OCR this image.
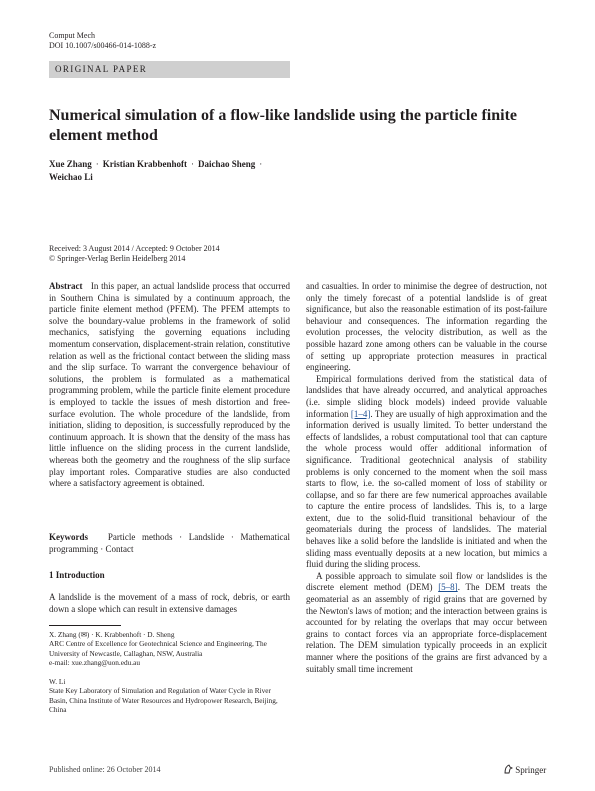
Comput Mech
DOI 10.1007/s00466-014-1088-z
ORIGINAL PAPER
Numerical simulation of a flow-like landslide using the particle finite element method
Xue Zhang · Kristian Krabbenhoft · Daichao Sheng ·
Weichao Li
Received: 3 August 2014 / Accepted: 9 October 2014
© Springer-Verlag Berlin Heidelberg 2014

Abstract In this paper, an actual landslide process that occurred in Southern China is simulated by a continuum approach, the particle finite element method (PFEM). The PFEM attempts to solve the boundary-value problems in the framework of solid mechanics, satisfying the governing equations including momentum conservation, displacement-strain relation, constitutive relation as well as the frictional contact between the sliding mass and the slip surface. To warrant the convergence behaviour of solutions, the problem is formulated as a mathematical programming problem, while the particle finite element procedure is employed to tackle the issues of mesh distortion and free-surface evolution. The whole procedure of the landslide, from initiation, sliding to deposition, is successfully reproduced by the continuum approach. It is shown that the density of the mass has little influence on the sliding process in the current landslide, whereas both the geometry and the roughness of the slip surface play important roles. Comparative studies are also conducted where a satisfactory agreement is obtained.

Keywords Particle methods · Landslide · Mathematical programming · Contact

1 Introduction

A landslide is the movement of a mass of rock, debris, or earth down a slope which can result in extensive damages

X. Zhang (✉) · K. Krabbenhoft · D. Sheng
ARC Centre of Excellence for Geotechnical Science and Engineering, The University of Newcastle, Callaghan, NSW, Australia
e-mail: xue.zhang@uon.edu.au
W. Li
State Key Laboratory of Simulation and Regulation of Water Cycle in River Basin, China Institute of Water Resources and Hydropower Research, Beijing, China

and casualties. In order to minimise the degree of destruction, not only the timely forecast of a potential landslide is of great significance, but also the reasonable estimation of its post-failure behaviour and consequences. The information regarding the evolution processes, the velocity distribution, as well as the possible hazard zone among others can be valuable in the course of setting up appropriate protection measures in practical engineering.

Empirical formulations derived from the statistical data of landslides that have already occurred, and analytical approaches (i.e. simple sliding block models) indeed provide valuable information [1–4]. They are usually of high approximation and the information derived is usually limited. To better understand the effects of landslides, a robust computational tool that can capture the whole process would offer additional information of significance. Traditional geotechnical analysis of stability problems is only concerned to the moment when the soil mass starts to flow, i.e. the so-called moment of loss of stability or collapse, and so far there are few numerical approaches available to capture the entire process of landslides. This is, to a large extent, due to the solid-fluid transitional behaviour of the geomaterials during the process of landslides. The material behaves like a solid before the landslide is initiated and when the sliding mass eventually deposits at a new location, but mimics a fluid during the sliding process.

A possible approach to simulate soil flow or landslides is the discrete element method (DEM) [5–8]. The DEM treats the geomaterial as an assembly of rigid grains that are governed by the Newton's laws of motion; and the interaction between grains is accounted for by relating the overlaps that may occur between grains to contact forces via an appropriate force-displacement relation. The DEM simulation typically proceeds in an explicit manner where the positions of the grains are first advanced by a suitably small time increment

Published online: 26 October 2014	Springer
